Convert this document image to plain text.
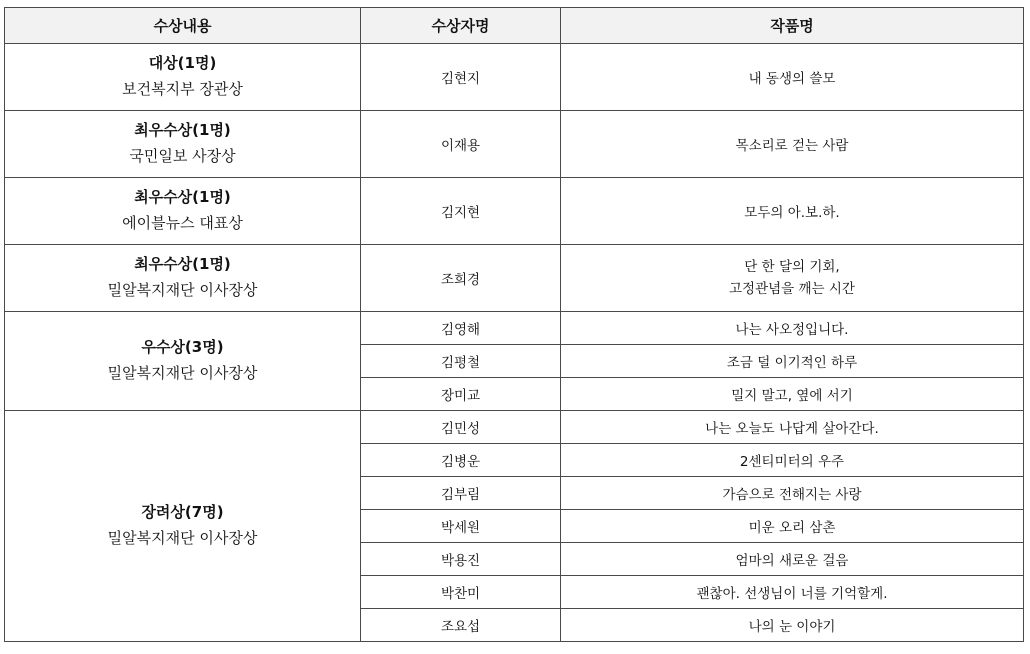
수상내용	수상자명	작품명

대상(1명)
보건복지부 장관상	김현지	내 동생의 쓸모

최우수상(1명)
국민일보 사장상	이재용	목소리로 걷는 사람

최우수상(1명)
에이블뉴스 대표상	김지현	모두의 아.보.하.

최우수상(1명)
밀알복지재단 이사장상	조희경	단 한 달의 기회,
고정관념을 깨는 시간

우수상(3명)
밀알복지재단 이사장상	김영해	나는 사오정입니다.
	김평철	조금 덜 이기적인 하루
	장미교	밀지 말고, 옆에 서기

장려상(7명)
밀알복지재단 이사장상	김민성	나는 오늘도 나답게 살아간다.
	김병운	2센티미터의 우주
	김부림	가슴으로 전해지는 사랑
	박세원	미운 오리 삼촌
	박용진	엄마의 새로운 걸음
	박찬미	괜찮아. 선생님이 너를 기억할게.
	조요섭	나의 눈 이야기
